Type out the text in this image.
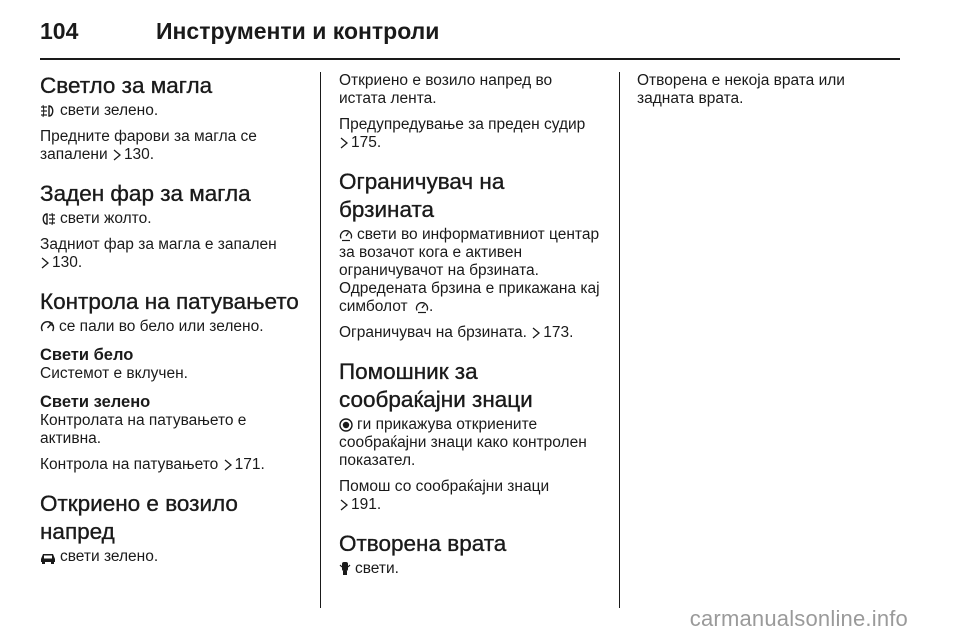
104	Инструменти и контроли
Светло за магла

свети зелено.

Предните фарови за магла се запалени 130.

Заден фар за магла

свети жолто.

Задниот фар за магла е запален
130.

Контрола на патувањето

се пали во бело или зелено.

Свети бело

Системот е вклучен.

Свети зелено

Контролата на патувањето е активна.

Контрола на патувањето 171.

Откриено е возило напред

свети зелено.

Откриено е возило напред во истата лента.

Предупредување за преден судир
175.

Ограничувач на брзината

свети во информативниот центар за возачот кога е активен ограничувачот на брзината. Одредената брзина е прикажана кај симболот .

Ограничувач на брзината. 173.

Помошник за сообраќајни знаци

ги прикажува откриените сообраќајни знаци како контролен показател.

Помош со сообраќајни знаци
191.

Отворена врата

свети.

Отворена е некоја врата или задната врата.

carmanualsonline.info
